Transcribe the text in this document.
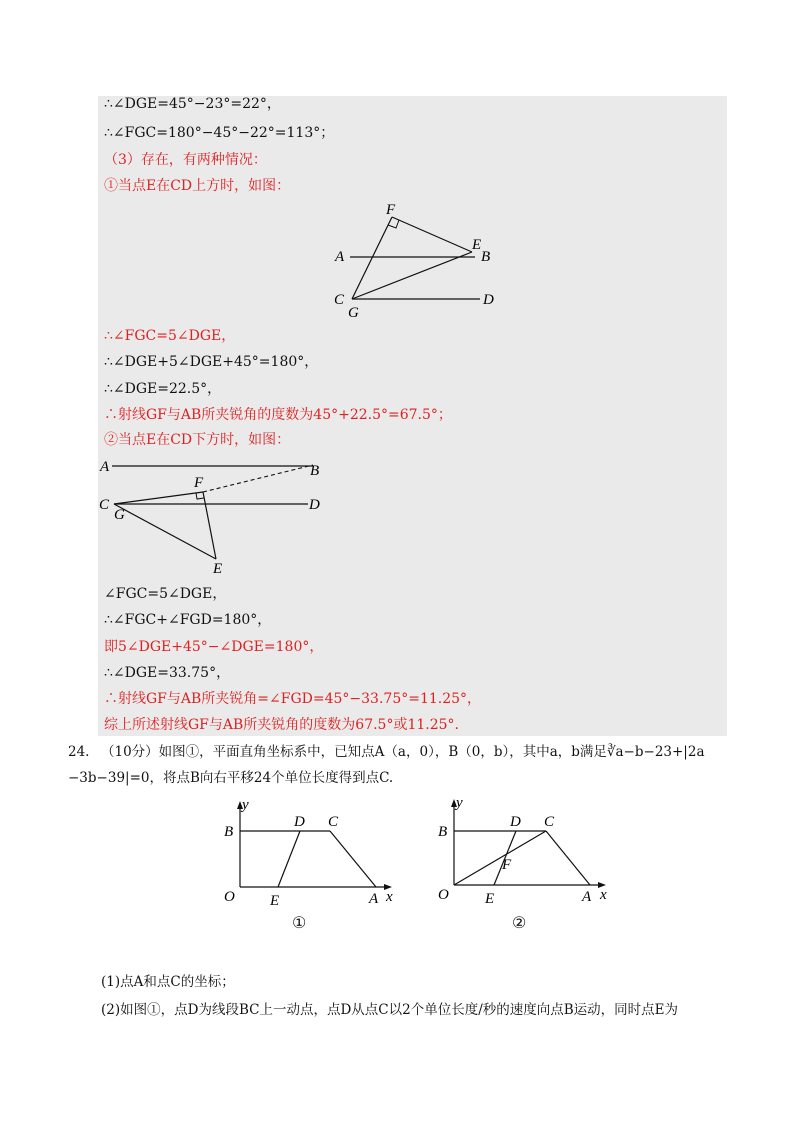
∴∠DGE=45°−23°=22°，
∴∠FGC=180°−45°−22°=113°；
（3）存在，有两种情况：
①当点E在CD上方时，如图：
F
E
A	B
C
G
D
∴∠FGC=5∠DGE，
∴∠DGE+5∠DGE+45°=180°，
∴∠DGE=22.5°，
∴射线GF与AB所夹锐角的度数为45°+22.5°=67.5°；
②当点E在CD下方时，如图：
A	B
F
C
G
D
E
∠FGC=5∠DGE，
∴∠FGC+∠FGD=180°，
即5∠DGE+45°−∠DGE=180°，
∴∠DGE=33.75°，
∴射线GF与AB所夹锐角=∠FGD=45°−33.75°=11.25°，
综上所述射线GF与AB所夹锐角的度数为67.5°或11.25°.
24. （10分）如图①，平面直角坐标系中，已知点A（a，0），B（0，b），其中a，b满足∛a−b−23+|2a
−3b−39|=0，将点B向右平移24个单位长度得到点C.
y
B
D C
O E	A x
①
y
B
D C
F
O E	A x
②
(1)点A和点C的坐标；
(2)如图①，点D为线段BC上一动点，点D从点C以2个单位长度/秒的速度向点B运动，同时点E为
